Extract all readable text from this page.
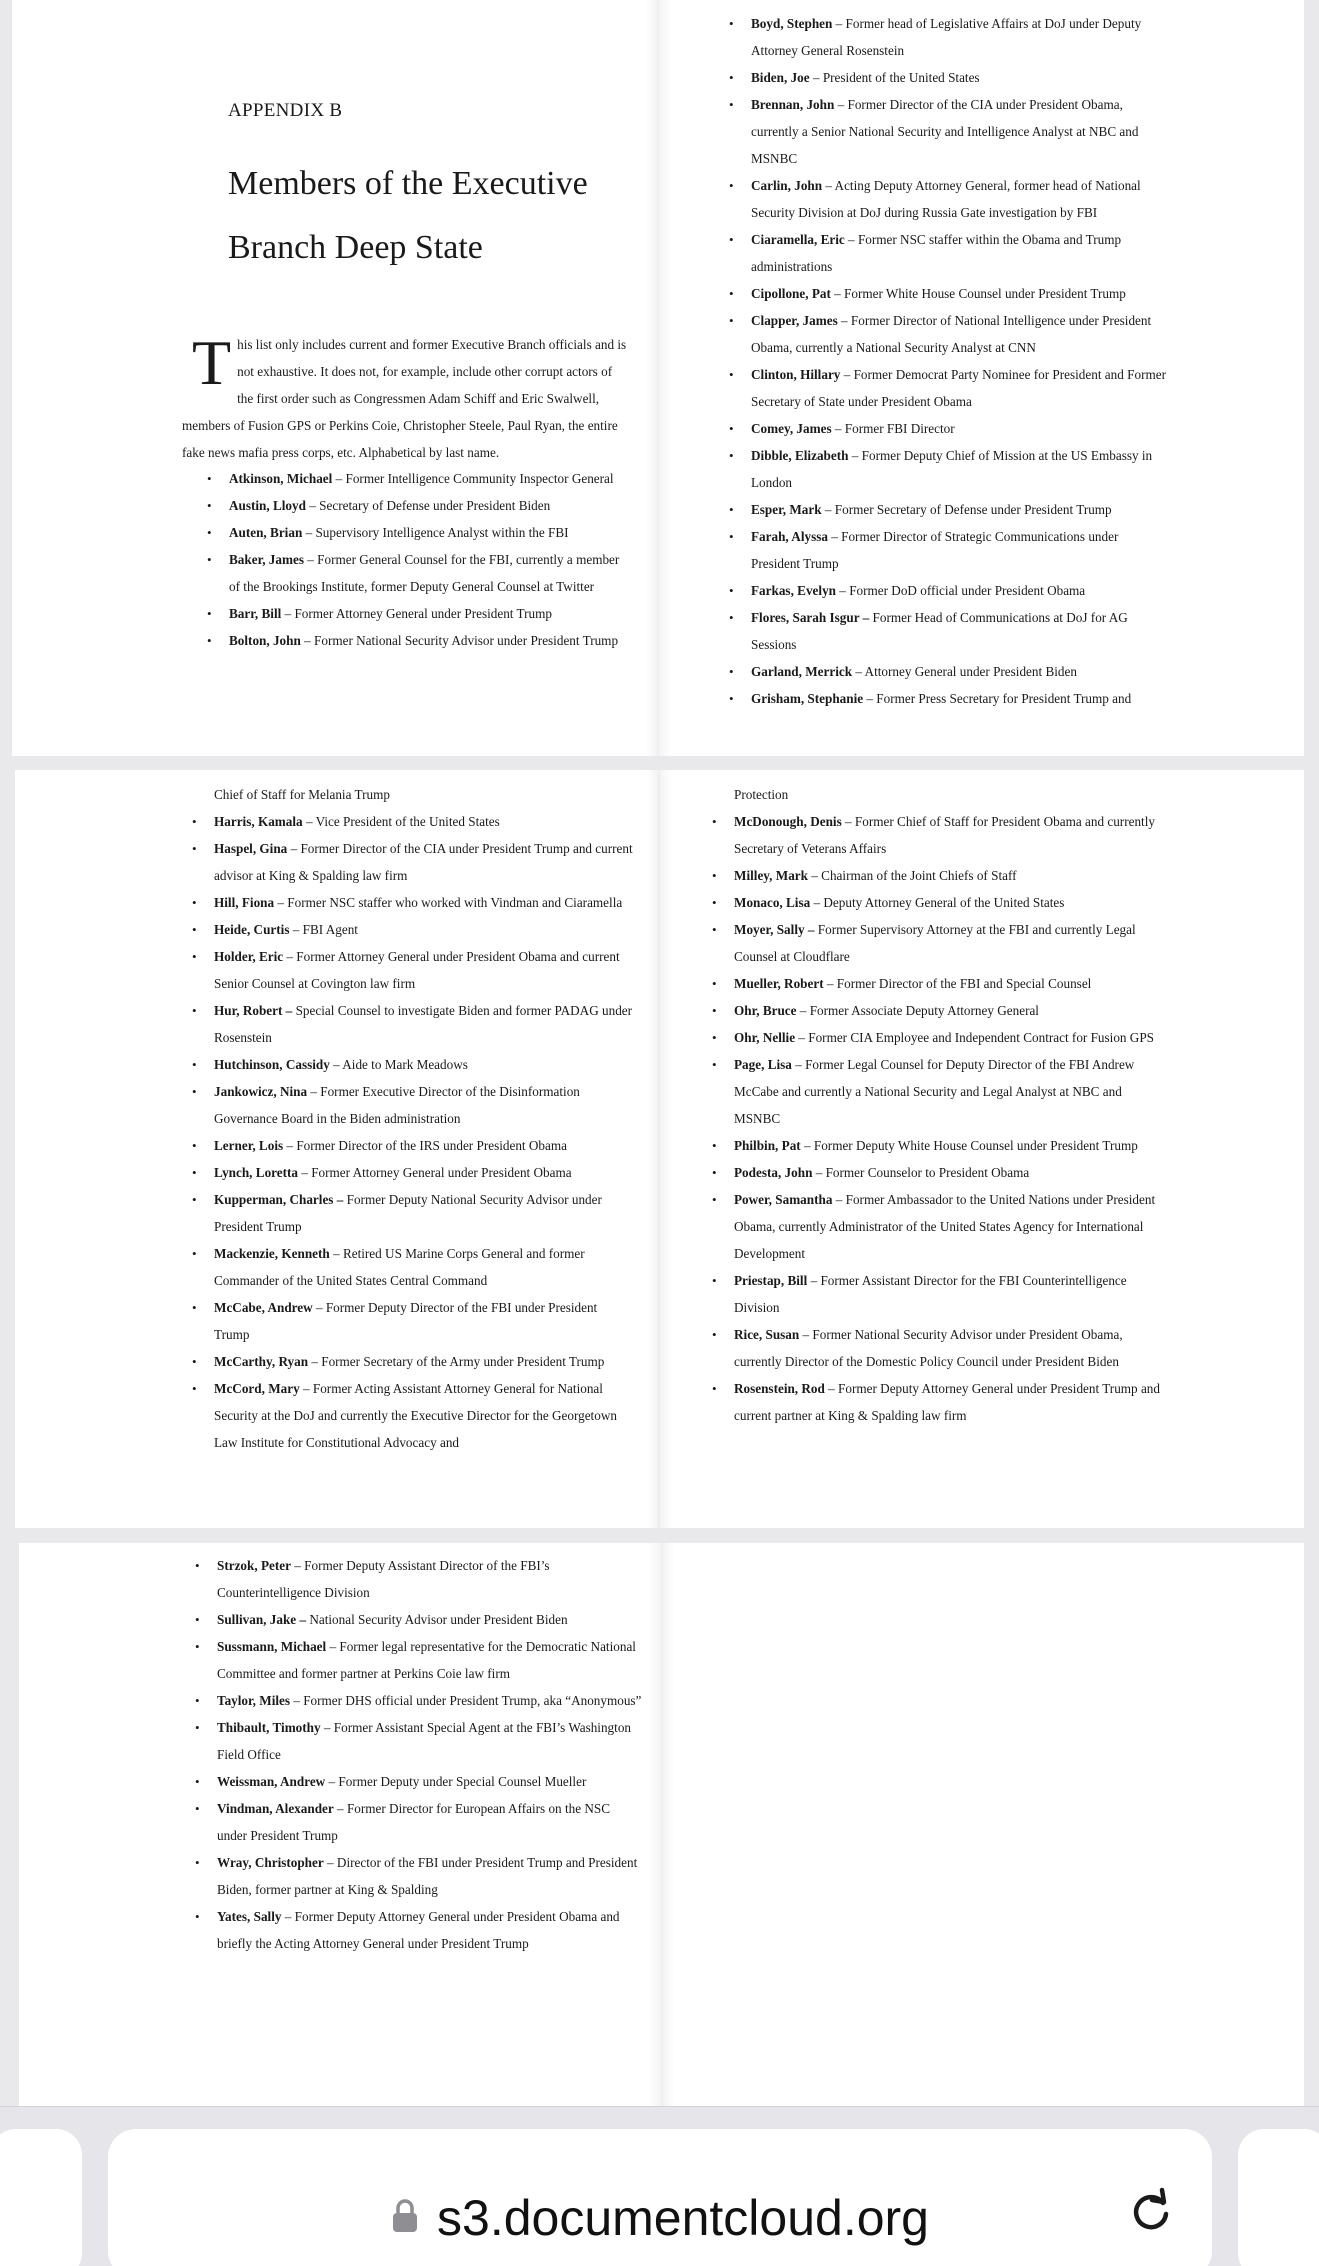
APPENDIX B
Members of the Executive
Branch Deep State
This list only includes current and former Executive Branch officials and is not exhaustive. It does not, for example, include other corrupt actors of the first order such as Congressmen Adam Schiff and Eric Swalwell, members of Fusion GPS or Perkins Coie, Christopher Steele, Paul Ryan, the entire fake news mafia press corps, etc. Alphabetical by last name.
• Atkinson, Michael – Former Intelligence Community Inspector General
• Austin, Lloyd – Secretary of Defense under President Biden
• Auten, Brian – Supervisory Intelligence Analyst within the FBI
• Baker, James – Former General Counsel for the FBI, currently a member of the Brookings Institute, former Deputy General Counsel at Twitter
• Barr, Bill – Former Attorney General under President Trump
• Bolton, John – Former National Security Advisor under President Trump
• Boyd, Stephen – Former head of Legislative Affairs at DoJ under Deputy Attorney General Rosenstein
• Biden, Joe – President of the United States
• Brennan, John – Former Director of the CIA under President Obama, currently a Senior National Security and Intelligence Analyst at NBC and MSNBC
• Carlin, John – Acting Deputy Attorney General, former head of National Security Division at DoJ during Russia Gate investigation by FBI
• Ciaramella, Eric – Former NSC staffer within the Obama and Trump administrations
• Cipollone, Pat – Former White House Counsel under President Trump
• Clapper, James – Former Director of National Intelligence under President Obama, currently a National Security Analyst at CNN
• Clinton, Hillary – Former Democrat Party Nominee for President and Former Secretary of State under President Obama
• Comey, James – Former FBI Director
• Dibble, Elizabeth – Former Deputy Chief of Mission at the US Embassy in London
• Esper, Mark – Former Secretary of Defense under President Trump
• Farah, Alyssa – Former Director of Strategic Communications under President Trump
• Farkas, Evelyn – Former DoD official under President Obama
• Flores, Sarah Isgur – Former Head of Communications at DoJ for AG Sessions
• Garland, Merrick – Attorney General under President Biden
• Grisham, Stephanie – Former Press Secretary for President Trump and
Chief of Staff for Melania Trump
• Harris, Kamala – Vice President of the United States
• Haspel, Gina – Former Director of the CIA under President Trump and current advisor at King & Spalding law firm
• Hill, Fiona – Former NSC staffer who worked with Vindman and Ciaramella
• Heide, Curtis – FBI Agent
• Holder, Eric – Former Attorney General under President Obama and current Senior Counsel at Covington law firm
• Hur, Robert – Special Counsel to investigate Biden and former PADAG under Rosenstein
• Hutchinson, Cassidy – Aide to Mark Meadows
• Jankowicz, Nina – Former Executive Director of the Disinformation Governance Board in the Biden administration
• Lerner, Lois – Former Director of the IRS under President Obama
• Lynch, Loretta – Former Attorney General under President Obama
• Kupperman, Charles – Former Deputy National Security Advisor under President Trump
• Mackenzie, Kenneth – Retired US Marine Corps General and former Commander of the United States Central Command
• McCabe, Andrew – Former Deputy Director of the FBI under President Trump
• McCarthy, Ryan – Former Secretary of the Army under President Trump
• McCord, Mary – Former Acting Assistant Attorney General for National Security at the DoJ and currently the Executive Director for the Georgetown Law Institute for Constitutional Advocacy and
Protection
• McDonough, Denis – Former Chief of Staff for President Obama and currently Secretary of Veterans Affairs
• Milley, Mark – Chairman of the Joint Chiefs of Staff
• Monaco, Lisa – Deputy Attorney General of the United States
• Moyer, Sally – Former Supervisory Attorney at the FBI and currently Legal Counsel at Cloudflare
• Mueller, Robert – Former Director of the FBI and Special Counsel
• Ohr, Bruce – Former Associate Deputy Attorney General
• Ohr, Nellie – Former CIA Employee and Independent Contract for Fusion GPS
• Page, Lisa – Former Legal Counsel for Deputy Director of the FBI Andrew McCabe and currently a National Security and Legal Analyst at NBC and MSNBC
• Philbin, Pat – Former Deputy White House Counsel under President Trump
• Podesta, John – Former Counselor to President Obama
• Power, Samantha – Former Ambassador to the United Nations under President Obama, currently Administrator of the United States Agency for International Development
• Priestap, Bill – Former Assistant Director for the FBI Counterintelligence Division
• Rice, Susan – Former National Security Advisor under President Obama, currently Director of the Domestic Policy Council under President Biden
• Rosenstein, Rod – Former Deputy Attorney General under President Trump and current partner at King & Spalding law firm
• Strzok, Peter – Former Deputy Assistant Director of the FBI’s Counterintelligence Division
• Sullivan, Jake – National Security Advisor under President Biden
• Sussmann, Michael – Former legal representative for the Democratic National Committee and former partner at Perkins Coie law firm
• Taylor, Miles – Former DHS official under President Trump, aka “Anonymous”
• Thibault, Timothy – Former Assistant Special Agent at the FBI’s Washington Field Office
• Weissman, Andrew – Former Deputy under Special Counsel Mueller
• Vindman, Alexander – Former Director for European Affairs on the NSC under President Trump
• Wray, Christopher – Director of the FBI under President Trump and President Biden, former partner at King & Spalding
• Yates, Sally – Former Deputy Attorney General under President Obama and briefly the Acting Attorney General under President Trump
s3.documentcloud.org
